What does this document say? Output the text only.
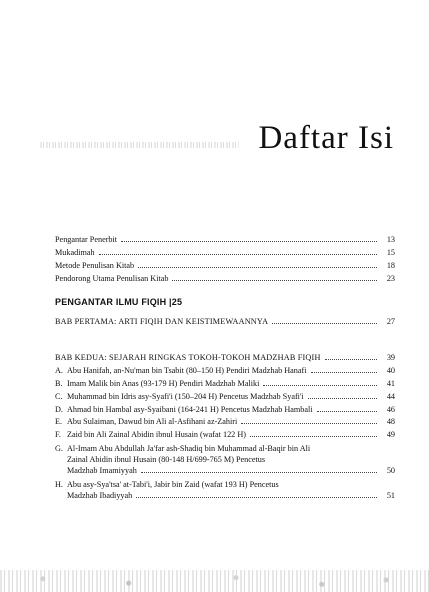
Daftar Isi
Pengantar Penerbit	13
Mukadimah	15
Metode Penulisan Kitab	18
Pendorong Utama Penulisan Kitab	23
PENGANTAR ILMU FIQIH |25
BAB PERTAMA: ARTI FIQIH DAN KEISTIMEWAANNYA	27
BAB KEDUA: SEJARAH RINGKAS TOKOH-TOKOH MADZHAB FIQIH	39
A. Abu Hanifah, an-Nu'man bin Tsabit (80–150 H) Pendiri Madzhab Hanafi	40
B. Imam Malik bin Anas (93-179 H) Pendiri Madzhab Maliki	41
C. Muhammad bin Idris asy-Syafi'i (150–204 H) Pencetus Madzhab Syafi'i	44
D. Ahmad bin Hambal asy-Syaibani (164-241 H) Pencetus Madzhab Hambali	46
E. Abu Sulaiman, Dawud bin Ali al-Asfihani az-Zahiri	48
F. Zaid bin Ali Zainal Abidin ibnul Husain (wafat 122 H)	49
G. Al-Imam Abu Abdullah Ja'far ash-Shadiq bin Muhammad al-Baqir bin Ali
Zainal Abidin ibnul Husain (80-148 H/699-765 M) Pencetus
Madzhab Imamiyyah	50
H. Abu asy-Sya'tsa' at-Tabi'i, Jabir bin Zaid (wafat 193 H) Pencetus
Madzhab Ibadiyyah	51
